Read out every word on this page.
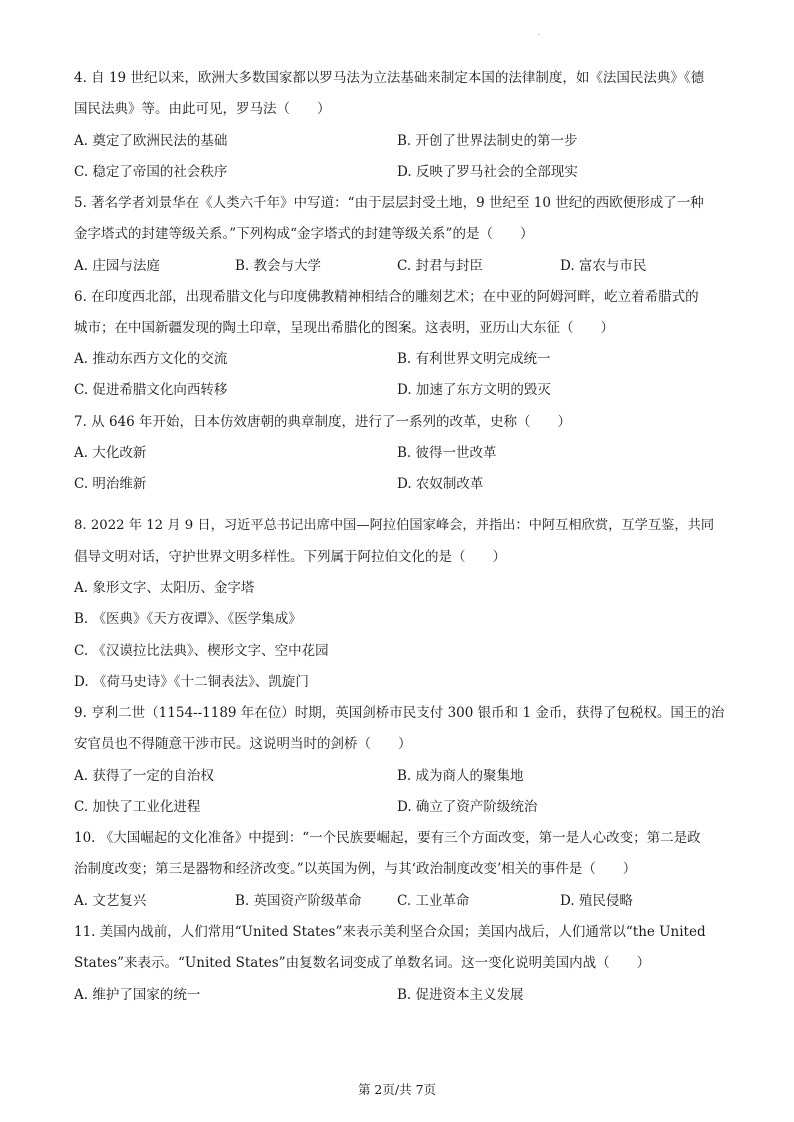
·
4. 自 19 世纪以来，欧洲大多数国家都以罗马法为立法基础来制定本国的法律制度，如《法国民法典》《德
国民法典》等。由此可见，罗马法（　　）
A. 奠定了欧洲民法的基础	B. 开创了世界法制史的第一步
C. 稳定了帝国的社会秩序	D. 反映了罗马社会的全部现实
5. 著名学者刘景华在《人类六千年》中写道：“由于层层封受土地，9 世纪至 10 世纪的西欧便形成了一种
金字塔式的封建等级关系。”下列构成“金字塔式的封建等级关系”的是（　　）
A. 庄园与法庭	B. 教会与大学	C. 封君与封臣	D. 富农与市民
6. 在印度西北部，出现希腊文化与印度佛教精神相结合的雕刻艺术；在中亚的阿姆河畔，屹立着希腊式的
城市；在中国新疆发现的陶土印章，呈现出希腊化的图案。这表明，亚历山大东征（　　）
A. 推动东西方文化的交流	B. 有利世界文明完成统一
C. 促进希腊文化向西转移	D. 加速了东方文明的毁灭
7. 从 646 年开始，日本仿效唐朝的典章制度，进行了一系列的改革，史称（　　）
A. 大化改新	B. 彼得一世改革
C. 明治维新	D. 农奴制改革
8. 2022 年 12 月 9 日，习近平总书记出席中国—阿拉伯国家峰会，并指出：中阿互相欣赏，互学互鉴，共同
倡导文明对话，守护世界文明多样性。下列属于阿拉伯文化的是（　　）
A. 象形文字、太阳历、金字塔
B. 《医典》《天方夜谭》、《医学集成》
C. 《汉谟拉比法典》、楔形文字、空中花园
D. 《荷马史诗》《十二铜表法》、凯旋门
9. 亨利二世（1154--1189 年在位）时期，英国剑桥市民支付 300 银币和 1 金币，获得了包税权。国王的治
安官员也不得随意干涉市民。这说明当时的剑桥（　　）
A. 获得了一定的自治权	B. 成为商人的聚集地
C. 加快了工业化进程	D. 确立了资产阶级统治
10. 《大国崛起的文化准备》中提到：“一个民族要崛起，要有三个方面改变，第一是人心改变；第二是政
治制度改变；第三是器物和经济改变。”以英国为例，与其‘政治制度改变’相关的事件是（　　）
A. 文艺复兴	B. 英国资产阶级革命	C. 工业革命	D. 殖民侵略
11. 美国内战前，人们常用“United States”来表示美利坚合众国；美国内战后，人们通常以“the United
States”来表示。“United States”由复数名词变成了单数名词。这一变化说明美国内战（　　）
A. 维护了国家的统一	B. 促进资本主义发展
第 2页/共 7页
